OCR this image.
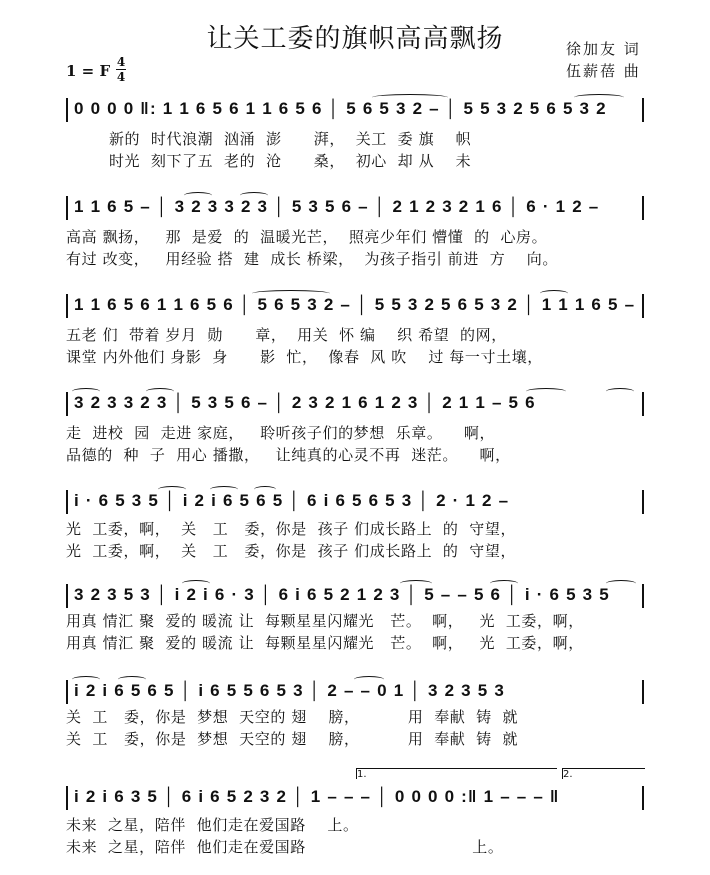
让关工委的旗帜高高飘扬	徐加友 词
伍薪蓓 曲
1 = F 4
4
0 0 0 0 ‖: 1 1 6 5 6 1 1 6 5 6 │ 5 6 5 3 2 – │ 5 5 3 2 5 6 5 3 2
新的  时代浪潮  汹涌  澎      湃，  关工  委 旗    帜
时光  刻下了五  老的  沧      桑，  初心  却 从    未
1 1 6 5 – │ 3 2 3 3 2 3 │ 5 3 5 6 – │ 2 1 2 3 2 1 6 │ 6 · 1 2 –
高高 飘扬，   那  是爱  的  温暖光芒，  照亮少年们 懵懂  的  心房。
有过 改变，   用经验 搭  建  成长 桥梁，  为孩子指引 前进  方    向。
1 1 6 5 6 1 1 6 5 6 │ 5 6 5 3 2 – │ 5 5 3 2 5 6 5 3 2 │ 1 1 1 6 5 –
五老 们  带着 岁月  勋      章，  用关  怀 编    织 希望  的网，
课堂 内外他们 身影  身      影  忙，  像春  风 吹    过 每一寸土壤，
3 2 3 3 2 3 │ 5 3 5 6 – │ 2 3 2 1 6 1 2 3 │ 2 1 1 – 5 6
走  进校  园  走进 家庭，   聆听孩子们的梦想  乐章。    啊，
品德的  种  子  用心 播撒，   让纯真的心灵不再  迷茫。    啊，
i · 6 5 3 5 │ i 2 i 6 5 6 5 │ 6 i 6 5 6 5 3 │ 2 · 1 2 –
光  工委，啊，  关   工   委，你是  孩子 们成长路上  的  守望，
光  工委，啊，  关   工   委，你是  孩子 们成长路上  的  守望，
3 2 3 5 3 │ i 2 i 6 · 3 │ 6 i 6 5 2 1 2 3 │ 5 – – 5 6 │ i · 6 5 3 5
用真 情汇 聚  爱的 暖流 让  每颗星星闪耀光   芒。  啊，   光  工委，啊，
用真 情汇 聚  爱的 暖流 让  每颗星星闪耀光   芒。  啊，   光  工委，啊，
i 2 i 6 5 6 5 │ i 6 5 5 6 5 3 │ 2 – – 0 1 │ 3 2 3 5 3
关  工   委，你是  梦想  天空的 翅    膀，         用  奉献  铸  就
关  工   委，你是  梦想  天空的 翅    膀，         用  奉献  铸  就
1.	2.
i 2 i 6 3 5 │ 6 i 6 5 2 3 2 │ 1 – – – │ 0 0 0 0 :‖ 1 – – – ‖
未来  之星，陪伴  他们走在爱国路    上。
未来  之星，陪伴  他们走在爱国路                               上。
